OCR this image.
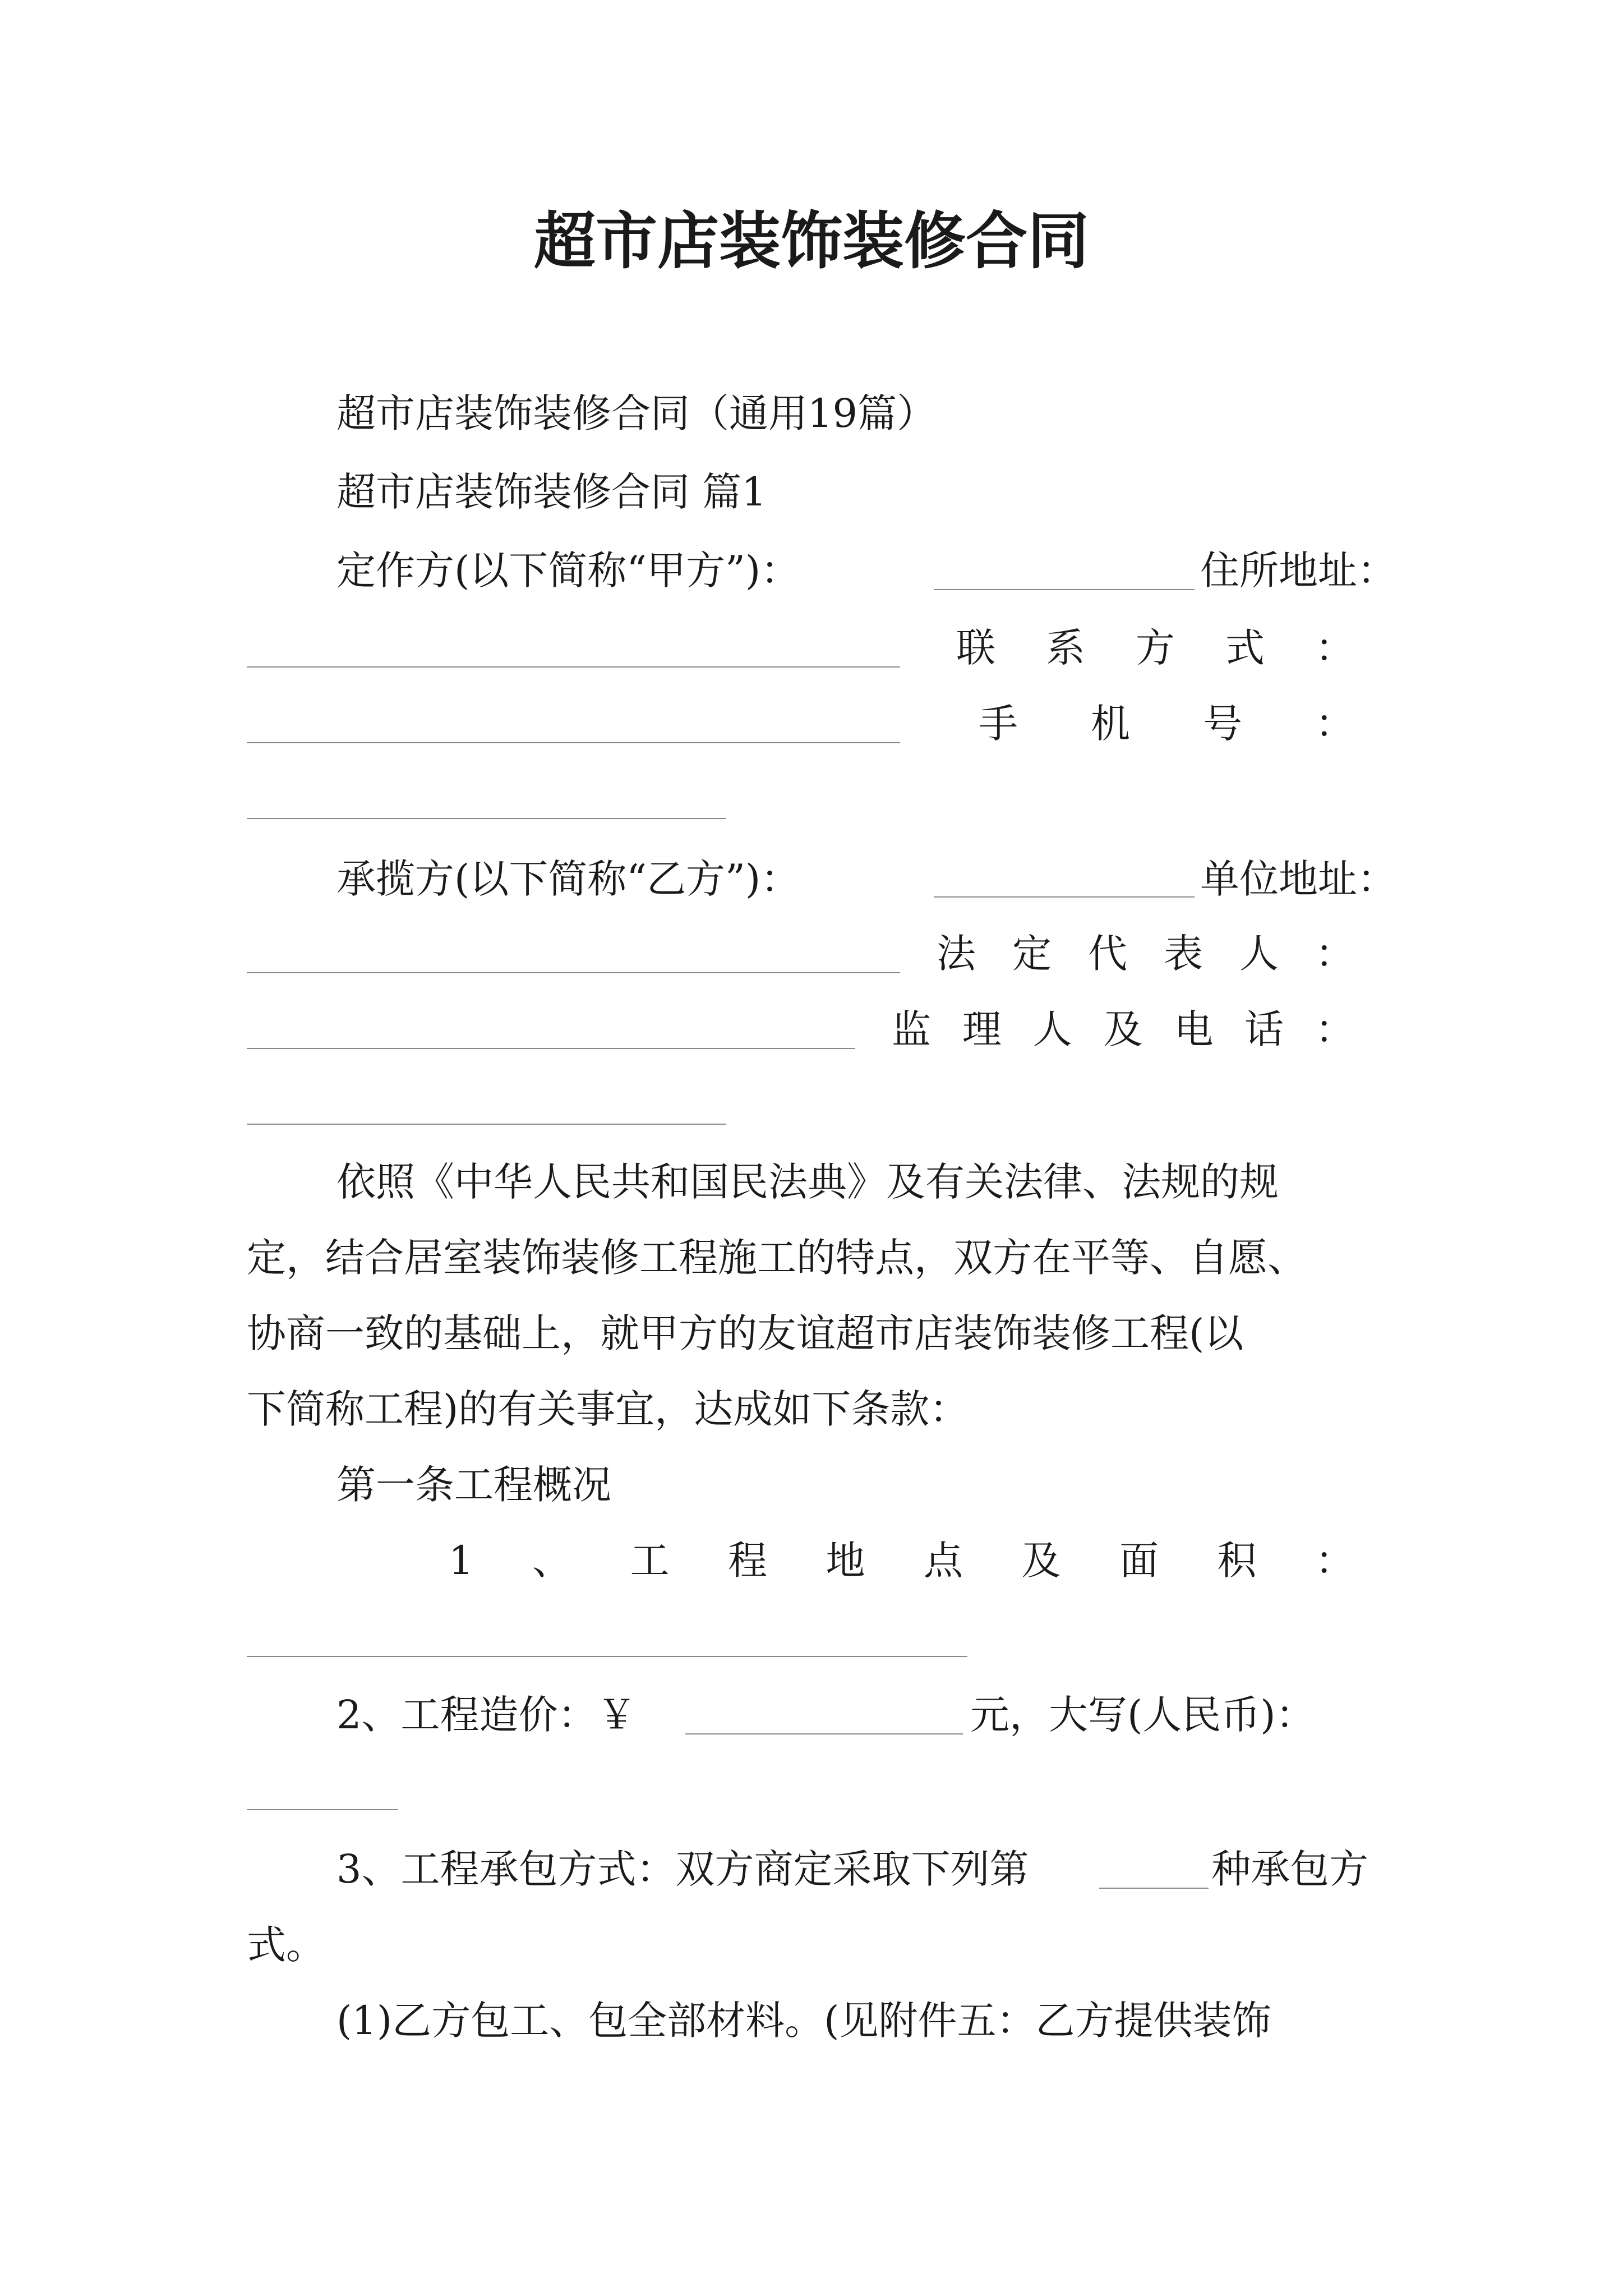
超市店装饰装修合同
超市店装饰装修合同（通用19篇）
超市店装饰装修合同 篇1
定作方(以下简称“甲方”)：	住所地址：
联 系 方 式 ：
手 机 号 ：
承揽方(以下简称“乙方”)：	单位地址：
法 定 代 表 人 ：
监 理 人 及 电 话 ：
依照《中华人民共和国民法典》及有关法律、法规的规
定，结合居室装饰装修工程施工的特点，双方在平等、自愿、
协商一致的基础上，就甲方的友谊超市店装饰装修工程(以
下简称工程)的有关事宜，达成如下条款：
第一条工程概况
1 、 工 程 地 点 及 面 积 ：
2、工程造价：￥	元，大写(人民币)：
3、工程承包方式：双方商定采取下列第	种承包方
式。
(1)乙方包工、包全部材料。(见附件五：乙方提供装饰
